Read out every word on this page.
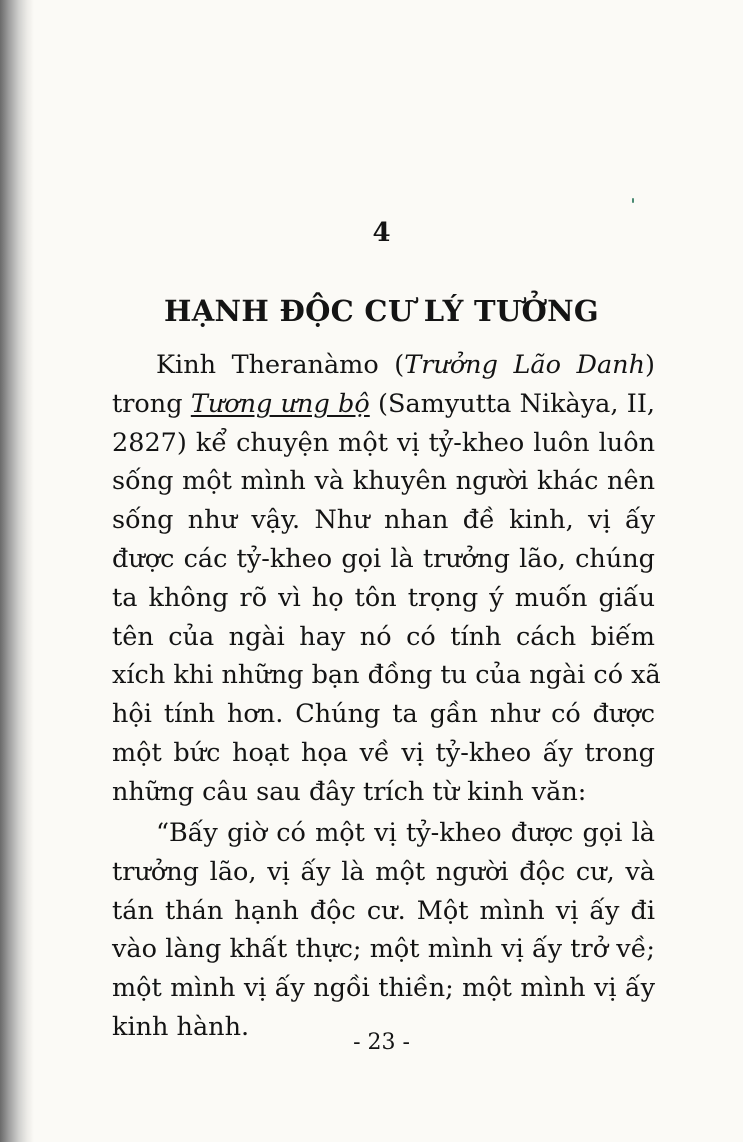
4
HẠNH ĐỘC CƯ LÝ TƯỞNG
Kinh Theranàmo (Trưởng Lão Danh)
trong Tương ưng bộ (Samyutta Nikàya, II,
2827) kể chuyện một vị tỷ-kheo luôn luôn
sống một mình và khuyên người khác nên
sống như vậy. Như nhan đề kinh, vị ấy
được các tỷ-kheo gọi là trưởng lão, chúng
ta không rõ vì họ tôn trọng ý muốn giấu
tên của ngài hay nó có tính cách biếm
xích khi những bạn đồng tu của ngài có xã
hội tính hơn. Chúng ta gần như có được
một bức hoạt họa về vị tỷ-kheo ấy trong
những câu sau đây trích từ kinh văn:
“Bấy giờ có một vị tỷ-kheo được gọi là
trưởng lão, vị ấy là một người độc cư, và
tán thán hạnh độc cư. Một mình vị ấy đi
vào làng khất thực; một mình vị ấy trở về;
một mình vị ấy ngồi thiền; một mình vị ấy
kinh hành.
- 23 -
